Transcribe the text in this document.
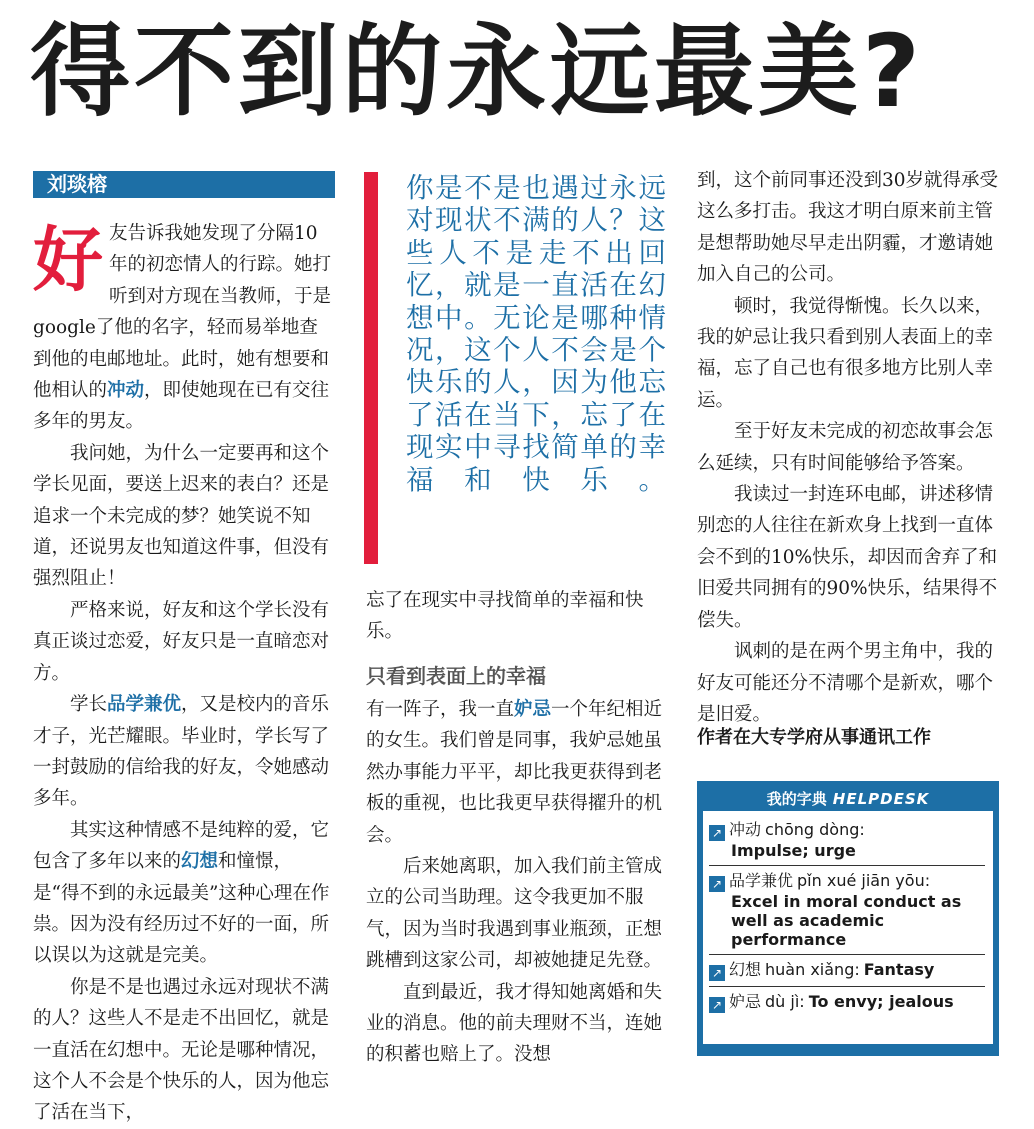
得不到的永远最美?
刘琰榕

好友告诉我她发现了分隔10年的初恋情人的行踪。她打听到对方现在当教师，于是google了他的名字，轻而易举地查到他的电邮地址。此时，她有想要和他相认的冲动，即使她现在已有交往多年的男友。

我问她，为什么一定要再和这个学长见面，要送上迟来的表白？还是追求一个未完成的梦？她笑说不知道，还说男友也知道这件事，但没有强烈阻止！

严格来说，好友和这个学长没有真正谈过恋爱，好友只是一直暗恋对方。

学长品学兼优，又是校内的音乐才子，光芒耀眼。毕业时，学长写了一封鼓励的信给我的好友，令她感动多年。

其实这种情感不是纯粹的爱，它包含了多年以来的幻想和憧憬，是“得不到的永远最美”这种心理在作祟。因为没有经历过不好的一面，所以误以为这就是完美。

你是不是也遇过永远对现状不满的人？这些人不是走不出回忆，就是一直活在幻想中。无论是哪种情况，这个人不会是个快乐的人，因为他忘了活在当下，

你是不是也遇过永远对现状不满的人？这些人不是走不出回忆，就是一直活在幻想中。无论是哪种情况，这个人不会是个快乐的人，因为他忘了活在当下，忘了在现实中寻找简单的幸福和快乐。

忘了在现实中寻找简单的幸福和快乐。

只看到表面上的幸福

有一阵子，我一直妒忌一个年纪相近的女生。我们曾是同事，我妒忌她虽然办事能力平平，却比我更获得到老板的重视，也比我更早获得擢升的机会。

后来她离职，加入我们前主管成立的公司当助理。这令我更加不服气，因为当时我遇到事业瓶颈，正想跳槽到这家公司，却被她捷足先登。

直到最近，我才得知她离婚和失业的消息。他的前夫理财不当，连她的积蓄也赔上了。没想

到，这个前同事还没到30岁就得承受这么多打击。我这才明白原来前主管是想帮助她尽早走出阴霾，才邀请她加入自己的公司。

顿时，我觉得惭愧。长久以来，我的妒忌让我只看到别人表面上的幸福，忘了自己也有很多地方比别人幸运。

至于好友未完成的初恋故事会怎么延续，只有时间能够给予答案。

我读过一封连环电邮，讲述移情别恋的人往往在新欢身上找到一直体会不到的10%快乐，却因而舍弃了和旧爱共同拥有的90%快乐，结果得不偿失。

讽刺的是在两个男主角中，我的好友可能还分不清哪个是新欢，哪个是旧爱。

作者在大专学府从事通讯工作

我的字典 HELPDESK
↗ 冲动 chōng dòng:
Impulse; urge
↗ 品学兼优 pǐn xué jiān yōu:
Excel in moral conduct as well as academic performance
↗ 幻想 huàn xiǎng: Fantasy
↗ 妒忌 dù jì: To envy; jealous
